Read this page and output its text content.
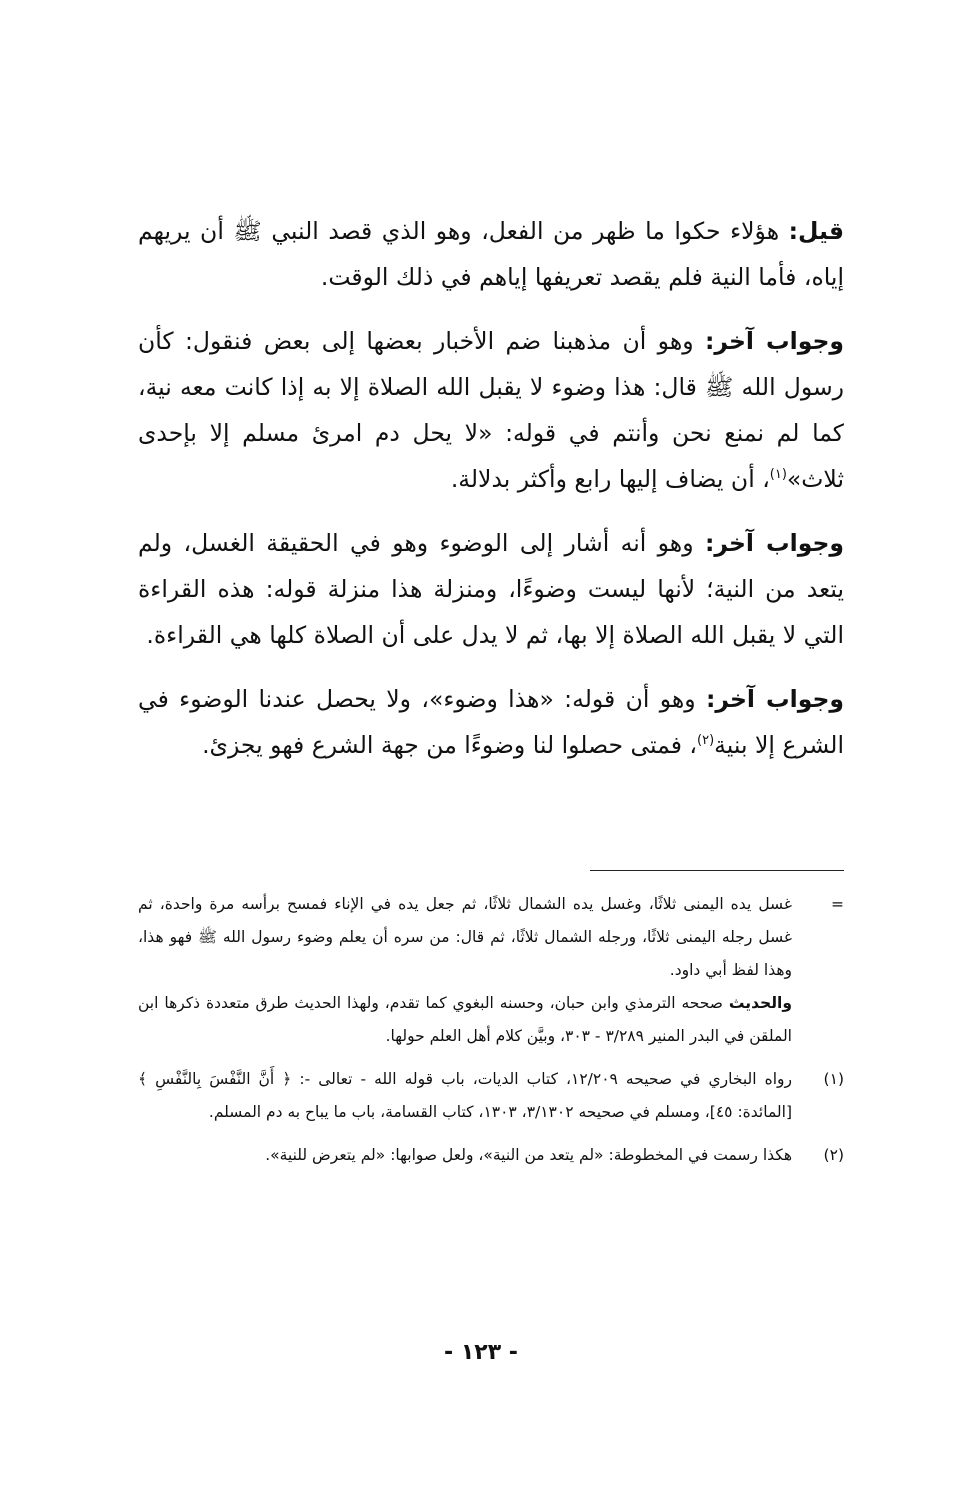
قيل: هؤلاء حكوا ما ظهر من الفعل، وهو الذي قصد النبي ﷺ أن يريهم إياه، فأما النية فلم يقصد تعريفها إياهم في ذلك الوقت.

وجواب آخر: وهو أن مذهبنا ضم الأخبار بعضها إلى بعض فنقول: كأن رسول الله ﷺ قال: هذا وضوء لا يقبل الله الصلاة إلا به إذا كانت معه نية، كما لم نمنع نحن وأنتم في قوله: «لا يحل دم امرئ مسلم إلا بإحدى ثلاث»$^{(١)}$، أن يضاف إليها رابع وأكثر بدلالة.

وجواب آخر: وهو أنه أشار إلى الوضوء وهو في الحقيقة الغسل، ولم يتعد من النية؛ لأنها ليست وضوءًا، ومنزلة هذا منزلة قوله: هذه القراءة التي لا يقبل الله الصلاة إلا بها، ثم لا يدل على أن الصلاة كلها هي القراءة.

وجواب آخر: وهو أن قوله: «هذا وضوء»، ولا يحصل عندنا الوضوء في الشرع إلا بنية$^{(٢)}$، فمتى حصلوا لنا وضوءًا من جهة الشرع فهو يجزئ.

=
غسل يده اليمنى ثلاثًا، وغسل يده الشمال ثلاثًا، ثم جعل يده في الإناء فمسح برأسه مرة واحدة، ثم غسل رجله اليمنى ثلاثًا، ورجله الشمال ثلاثًا، ثم قال: من سره أن يعلم وضوء رسول الله ﷺ فهو هذا، وهذا لفظ أبي داود.
والحديث صححه الترمذي وابن حبان، وحسنه البغوي كما تقدم، ولهذا الحديث طرق متعددة ذكرها ابن الملقن في البدر المنير ٣/٢٨٩ - ٣٠٣، وبيَّن كلام أهل العلم حولها.
(١)
رواه البخاري في صحيحه ١٢/٢٠٩، كتاب الديات، باب قوله الله - تعالى -: ﴿ أَنَّ النَّفْسَ بِالنَّفْسِ ﴾ [المائدة: ٤٥]، ومسلم في صحيحه ٣/١٣٠٢، ١٣٠٣، كتاب القسامة، باب ما يباح به دم المسلم.
(٢)
هكذا رسمت في المخطوطة: «لم يتعد من النية»، ولعل صوابها: «لم يتعرض للنية».
- ١٢٣ -
